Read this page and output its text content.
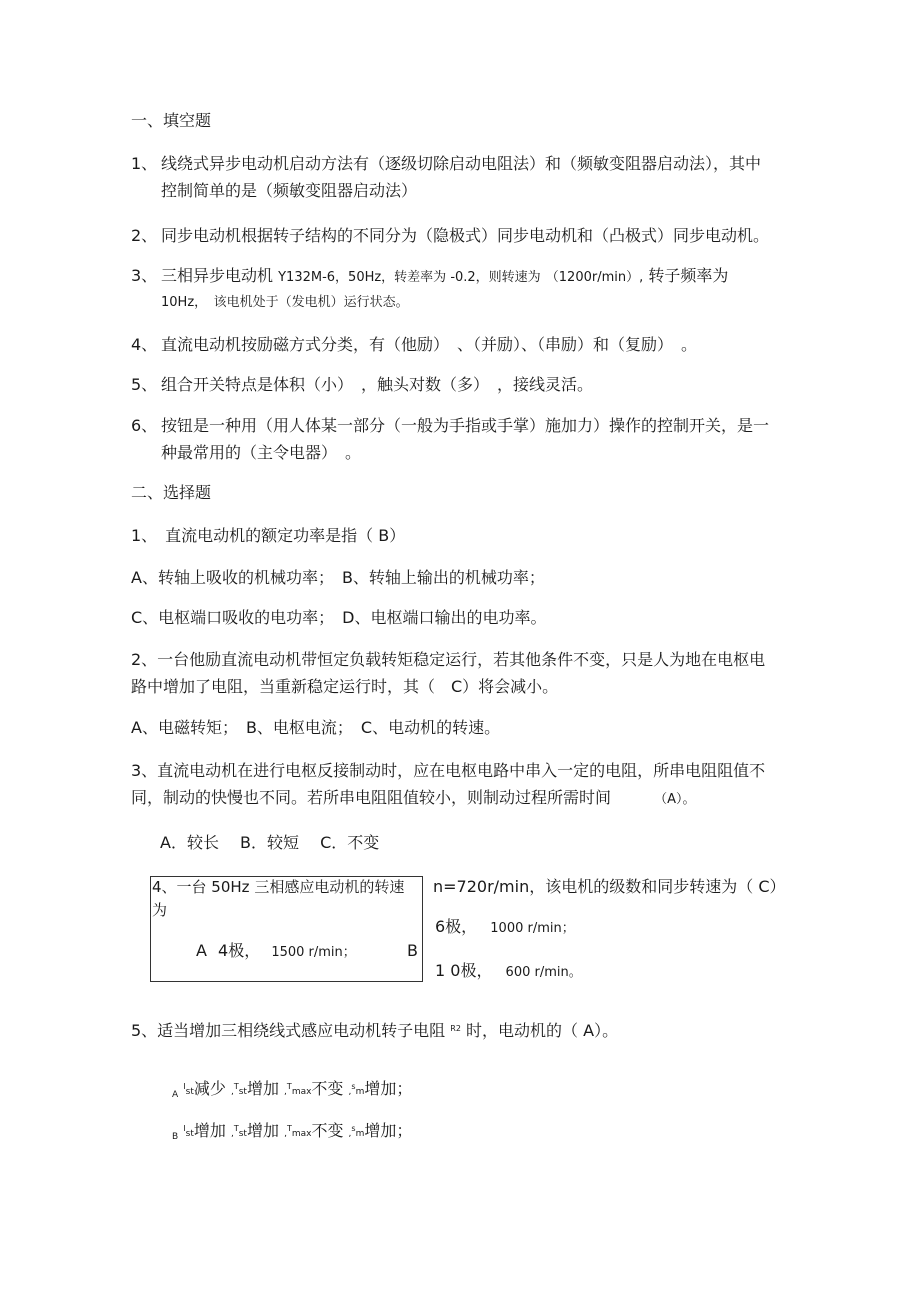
一、填空题
1、 线绕式异步电动机启动方法有（逐级切除启动电阻法）和（频敏变阻器启动法），其中
控制简单的是（频敏变阻器启动法）
2、 同步电动机根据转子结构的不同分为（隐极式）同步电动机和（凸极式）同步电动机。
3、 三相异步电动机 Y132M-6，50Hz，转差率为 -0.2，则转速为 （1200r/min）, 转子频率为
10Hz，　该电机处于（发电机）运行状态。
4、 直流电动机按励磁方式分类，有（他励）　、（并励）、（串励）和（复励）　。
5、 组合开关特点是体积（小）　，触头对数（多）　，接线灵活。
6、 按钮是一种用（用人体某一部分（一般为手指或手掌）施加力）操作的控制开关，是一
种最常用的（主令电器）　。
二、选择题
1、　直流电动机的额定功率是指（ B）
A、转轴上吸收的机械功率；　B、转轴上输出的机械功率；
C、电枢端口吸收的电功率；　D、电枢端口输出的电功率。
2、一台他励直流电动机带恒定负载转矩稳定运行，若其他条件不变，只是人为地在电枢电
路中增加了电阻，当重新稳定运行时，其（　C）将会减小。
A、电磁转矩；　B、电枢电流；　C、电动机的转速。
3、直流电动机在进行电枢反接制动时，应在电枢电路中串入一定的电阻，所串电阻阻值不
同，制动的快慢也不同。若所串电阻阻值较小，则制动过程所需时间	（A）。
A．较长　 B．较短　 C．不变
4、一台 50Hz 三相感应电动机的转速
为
n=720r/min，该电机的级数和同步转速为（ C）
A 4极， 1500 r/min；	B
6极， 1000 r/min；
1 0极， 600 r/min。
5、适当增加三相绕线式感应电动机转子电阻 $^{R2}$ 时，电动机的（ A）。
$_A$ $^I$st减少 ,$^T$st增加 ,$^T$max不变 ,$^s$m增加；
$_B$ $^I$st增加 ,$^T$st增加 ,$^T$max不变 ,$^s$m增加；
